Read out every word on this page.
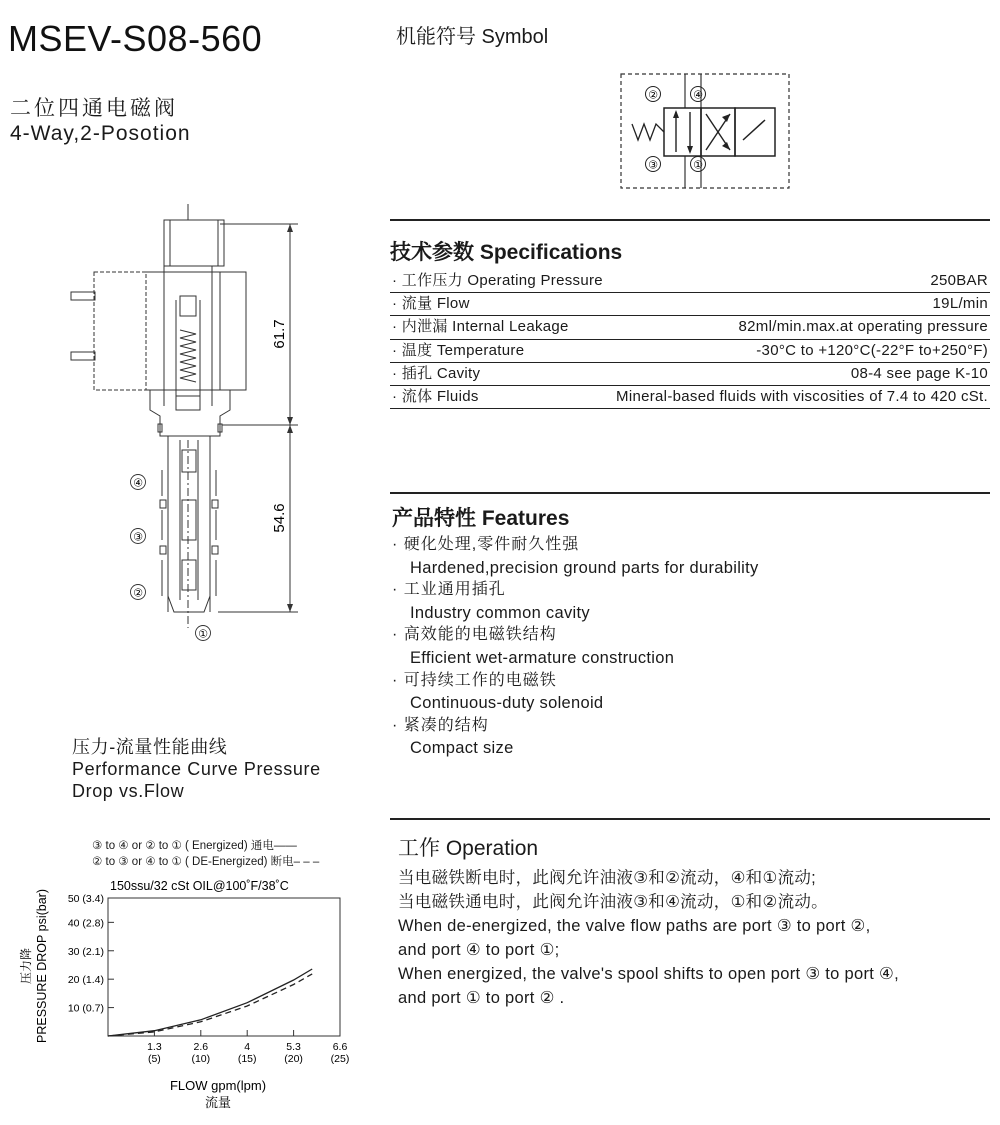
MSEV-S08-560
二位四通电磁阀
4-Way,2-Posotion
机能符号 Symbol
②	④
③	①
61.7
54.6
④
③
②
①
技术参数 Specifications
· 工作压力 Operating Pressure	250BAR
· 流量 Flow	19L/min
· 内泄漏 Internal Leakage	82ml/min.max.at operating pressure
· 温度 Temperature	-30°C to +120°C(-22°F to+250°F)
· 插孔 Cavity	08-4 see page K-10
· 流体 Fluids	Mineral-based fluids with viscosities of 7.4 to 420 cSt.
产品特性 Features
· 硬化处理,零件耐久性强
Hardened,precision ground parts for durability
· 工业通用插孔
Industry common cavity
· 高效能的电磁铁结构
Efficient wet-armature construction
· 可持续工作的电磁铁
Continuous-duty solenoid
· 紧凑的结构
Compact size
工作 Operation
当电磁铁断电时，此阀允许油液③和②流动，④和①流动;
当电磁铁通电时，此阀允许油液③和④流动，①和②流动。
When de-energized, the valve flow paths are port ③ to port ②,
and port ④ to port ①;
When energized, the valve's spool shifts to open port ③ to port ④,
and port ① to port ② .
压力-流量性能曲线
Performance Curve Pressure
Drop vs.Flow
③ to ④ or ② to ① ( Energized) 通电——
② to ③ or ④ to ① ( DE-Energized) 断电– – –
10 (0.7)
20 (1.4)
30 (2.1)
40 (2.8)
50 (3.4)
1.3
(5)
2.6
(10)
4
(15)
5.3
(20)
6.6
(25)
150ssu/32 cSt OIL@100˚F/38˚C
FLOW gpm(lpm)
流量
PRESSURE DROP psi(bar)
压力降
